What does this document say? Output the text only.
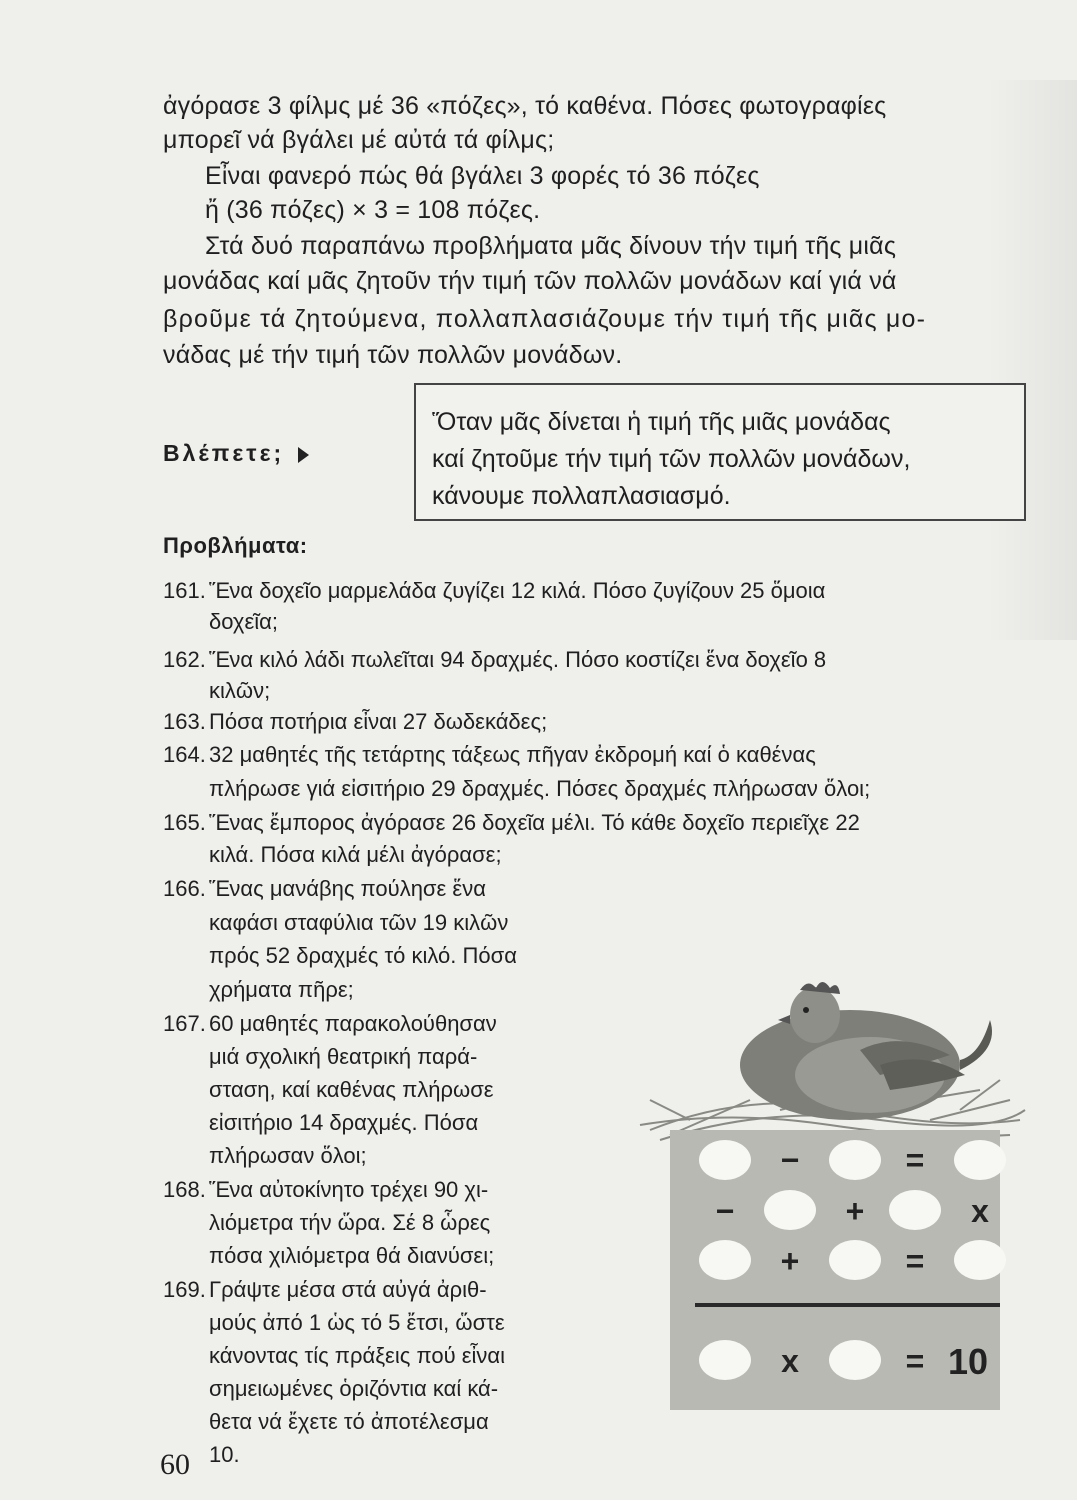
ἀγόρασε 3 φίλμς μέ 36 «πόζες», τό καθένα. Πόσες φωτογραφίες
μπορεῖ νά βγάλει μέ αὐτά τά φίλμς;
Εἶναι φανερό πώς θά βγάλει 3 φορές τό 36 πόζες
ἤ (36 πόζες) × 3 = 108 πόζες.
Στά δυό παραπάνω προβλήματα μᾶς δίνουν τήν τιμή τῆς μιᾶς
μονάδας καί μᾶς ζητοῦν τήν τιμή τῶν πολλῶν μονάδων καί γιά νά
βροῦμε τά ζητούμενα, πολλαπλασιάζουμε τήν τιμή τῆς μιᾶς μο-
νάδας μέ τήν τιμή τῶν πολλῶν μονάδων.
Βλέπετε;
Ὅταν μᾶς δίνεται ἡ τιμή τῆς μιᾶς μονάδας
καί ζητοῦμε τήν τιμή τῶν πολλῶν μονάδων,
κάνουμε πολλαπλασιασμό.
Προβλήματα:
161. Ἕνα δοχεῖο μαρμελάδα ζυγίζει 12 κιλά. Πόσο ζυγίζουν 25 ὅμοια
δοχεῖα;
162. Ἕνα κιλό λάδι πωλεῖται 94 δραχμές. Πόσο κοστίζει ἕνα δοχεῖο 8
κιλῶν;
163. Πόσα ποτήρια εἶναι 27 δωδεκάδες;
164. 32 μαθητές τῆς τετάρτης τάξεως πῆγαν ἐκδρομή καί ὁ καθένας
πλήρωσε γιά εἰσιτήριο 29 δραχμές. Πόσες δραχμές πλήρωσαν ὅλοι;
165. Ἕνας ἔμπορος ἀγόρασε 26 δοχεῖα μέλι. Τό κάθε δοχεῖο περιεῖχε 22
κιλά. Πόσα κιλά μέλι ἀγόρασε;
166. Ἕνας μανάβης πούλησε ἕνα
καφάσι σταφύλια τῶν 19 κιλῶν
πρός 52 δραχμές τό κιλό. Πόσα
χρήματα πῆρε;
167. 60 μαθητές παρακολούθησαν
μιά σχολική θεατρική παρά-
σταση, καί καθένας πλήρωσε
εἰσιτήριο 14 δραχμές. Πόσα
πλήρωσαν ὅλοι;
168. Ἕνα αὐτοκίνητο τρέχει 90 χι-
λιόμετρα τήν ὥρα. Σέ 8 ὧρες
πόσα χιλιόμετρα θά διανύσει;
169. Γράψτε μέσα στά αὐγά ἀριθ-
μούς ἀπό 1 ὡς τό 5 ἔτσι, ὥστε
κάνοντας τίς πράξεις πού εἶναι
σημειωμένες ὁριζόντια καί κά-
θετα νά ἔχετε τό ἀποτέλεσμα
10.
−	=
−	+	x
+	=
x	= 10
60
